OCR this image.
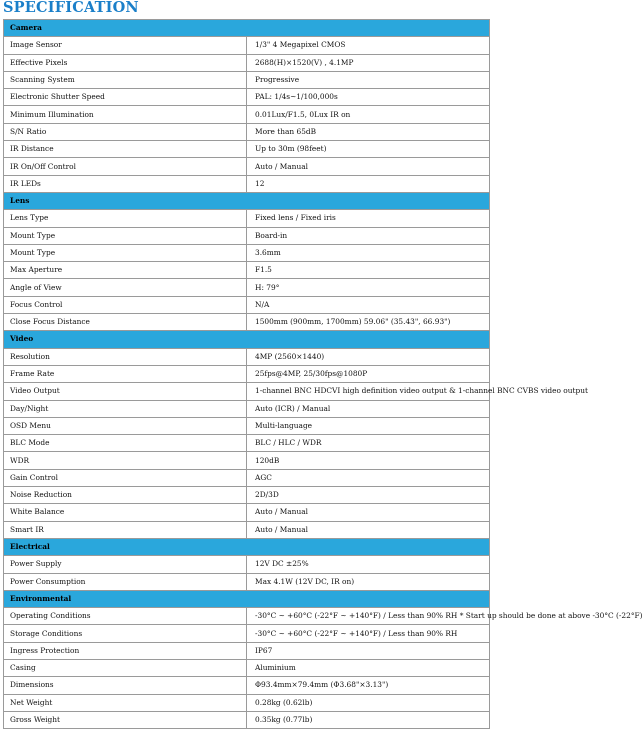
SPECIFICATION
Camera	
Image Sensor	1/3" 4 Megapixel CMOS
Effective Pixels	2688(H)×1520(V) , 4.1MP
Scanning System	Progressive
Electronic Shutter Speed	PAL: 1/4s~1/100,000s
Minimum Illumination	0.01Lux/F1.5, 0Lux IR on
S/N Ratio	More than 65dB
IR Distance	Up to 30m (98feet)
IR On/Off Control	Auto / Manual
IR LEDs	12
Lens	
Lens Type	Fixed lens / Fixed iris
Mount Type	Board-in
Mount Type	3.6mm
Max Aperture	F1.5
Angle of View	H: 79°
Focus Control	N/A
Close Focus Distance	1500mm (900mm, 1700mm) 59.06" (35.43", 66.93")
Video	
Resolution	4MP (2560×1440)
Frame Rate	25fps@4MP, 25/30fps@1080P
Video Output	1-channel BNC HDCVI high definition video output & 1-channel BNC CVBS video output
Day/Night	Auto (ICR) / Manual
OSD Menu	Multi-language
BLC Mode	BLC / HLC / WDR
WDR	120dB
Gain Control	AGC
Noise Reduction	2D/3D
White Balance	Auto / Manual
Smart IR	Auto / Manual
Electrical	
Power Supply	12V DC ±25%
Power Consumption	Max 4.1W (12V DC, IR on)
Environmental	
Operating Conditions	-30°C ~ +60°C (-22°F ~ +140°F) / Less than 90% RH * Start up should be done at above -30°C (-22°F)
Storage Conditions	-30°C ~ +60°C (-22°F ~ +140°F) / Less than 90% RH
Ingress Protection	IP67
Casing	Aluminium
Dimensions	Φ93.4mm×79.4mm (Φ3.68"×3.13")
Net Weight	0.28kg (0.62lb)
Gross Weight	0.35kg (0.77lb)
